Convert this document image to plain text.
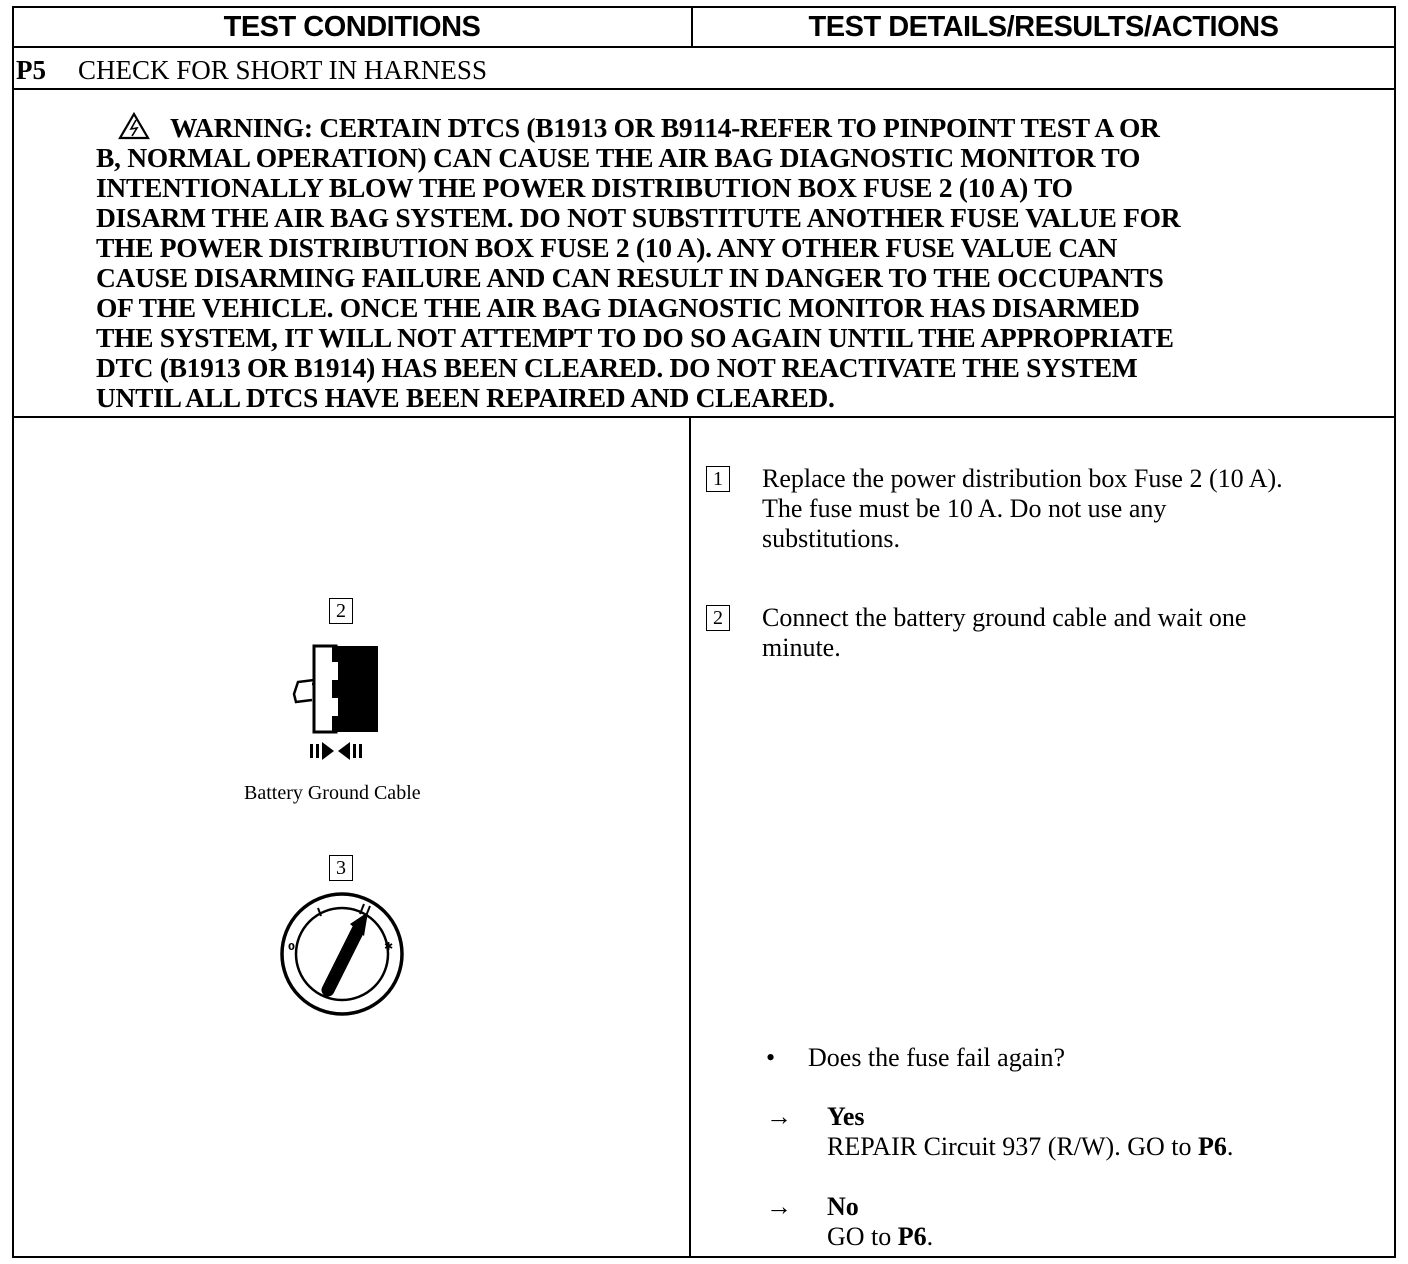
TEST CONDITIONS	TEST DETAILS/RESULTS/ACTIONS
P5	CHECK FOR SHORT IN HARNESS
WARNING: CERTAIN DTCS (B1913 OR B9114-REFER TO PINPOINT TEST A OR
B, NORMAL OPERATION) CAN CAUSE THE AIR BAG DIAGNOSTIC MONITOR TO
INTENTIONALLY BLOW THE POWER DISTRIBUTION BOX FUSE 2 (10 A) TO
DISARM THE AIR BAG SYSTEM. DO NOT SUBSTITUTE ANOTHER FUSE VALUE FOR
THE POWER DISTRIBUTION BOX FUSE 2 (10 A). ANY OTHER FUSE VALUE CAN
CAUSE DISARMING FAILURE AND CAN RESULT IN DANGER TO THE OCCUPANTS
OF THE VEHICLE. ONCE THE AIR BAG DIAGNOSTIC MONITOR HAS DISARMED
THE SYSTEM, IT WILL NOT ATTEMPT TO DO SO AGAIN UNTIL THE APPROPRIATE
DTC (B1913 OR B1914) HAS BEEN CLEARED. DO NOT REACTIVATE THE SYSTEM
UNTIL ALL DTCS HAVE BEEN REPAIRED AND CLEARED.
2
Battery Ground Cable
3
0	✱
1 Replace the power distribution box Fuse 2 (10 A).
The fuse must be 10 A. Do not use any
substitutions.
2 Connect the battery ground cable and wait one
minute.
• Does the fuse fail again?
→ Yes
REPAIR Circuit 937 (R/W). GO to P6.
→ No
GO to P6.
